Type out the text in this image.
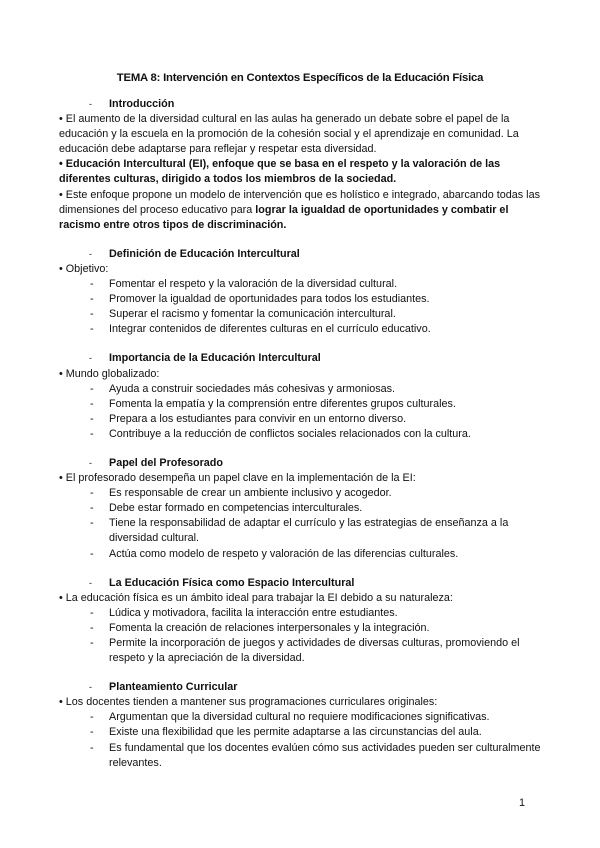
TEMA 8: Intervención en Contextos Específicos de la Educación Física

- Introducción

• El aumento de la diversidad cultural en las aulas ha generado un debate sobre el papel de la educación y la escuela en la promoción de la cohesión social y el aprendizaje en comunidad. La educación debe adaptarse para reflejar y respetar esta diversidad.

• Educación Intercultural (EI), enfoque que se basa en el respeto y la valoración de las diferentes culturas, dirigido a todos los miembros de la sociedad.

• Este enfoque propone un modelo de intervención que es holístico e integrado, abarcando todas las dimensiones del proceso educativo para lograr la igualdad de oportunidades y combatir el racismo entre otros tipos de discriminación.

- Definición de Educación Intercultural

• Objetivo:

- Fomentar el respeto y la valoración de la diversidad cultural.
- Promover la igualdad de oportunidades para todos los estudiantes.
- Superar el racismo y fomentar la comunicación intercultural.
- Integrar contenidos de diferentes culturas en el currículo educativo.

- Importancia de la Educación Intercultural

• Mundo globalizado:

- Ayuda a construir sociedades más cohesivas y armoniosas.
- Fomenta la empatía y la comprensión entre diferentes grupos culturales.
- Prepara a los estudiantes para convivir en un entorno diverso.
- Contribuye a la reducción de conflictos sociales relacionados con la cultura.

- Papel del Profesorado

• El profesorado desempeña un papel clave en la implementación de la EI:

- Es responsable de crear un ambiente inclusivo y acogedor.
- Debe estar formado en competencias interculturales.
- Tiene la responsabilidad de adaptar el currículo y las estrategias de enseñanza a la diversidad cultural.
- Actúa como modelo de respeto y valoración de las diferencias culturales.

- La Educación Física como Espacio Intercultural

• La educación física es un ámbito ideal para trabajar la EI debido a su naturaleza:

- Lúdica y motivadora, facilita la interacción entre estudiantes.
- Fomenta la creación de relaciones interpersonales y la integración.
- Permite la incorporación de juegos y actividades de diversas culturas, promoviendo el respeto y la apreciación de la diversidad.

- Planteamiento Curricular

• Los docentes tienden a mantener sus programaciones curriculares originales:

- Argumentan que la diversidad cultural no requiere modificaciones significativas.
- Existe una flexibilidad que les permite adaptarse a las circunstancias del aula.
- Es fundamental que los docentes evalúen cómo sus actividades pueden ser culturalmente relevantes.
1
